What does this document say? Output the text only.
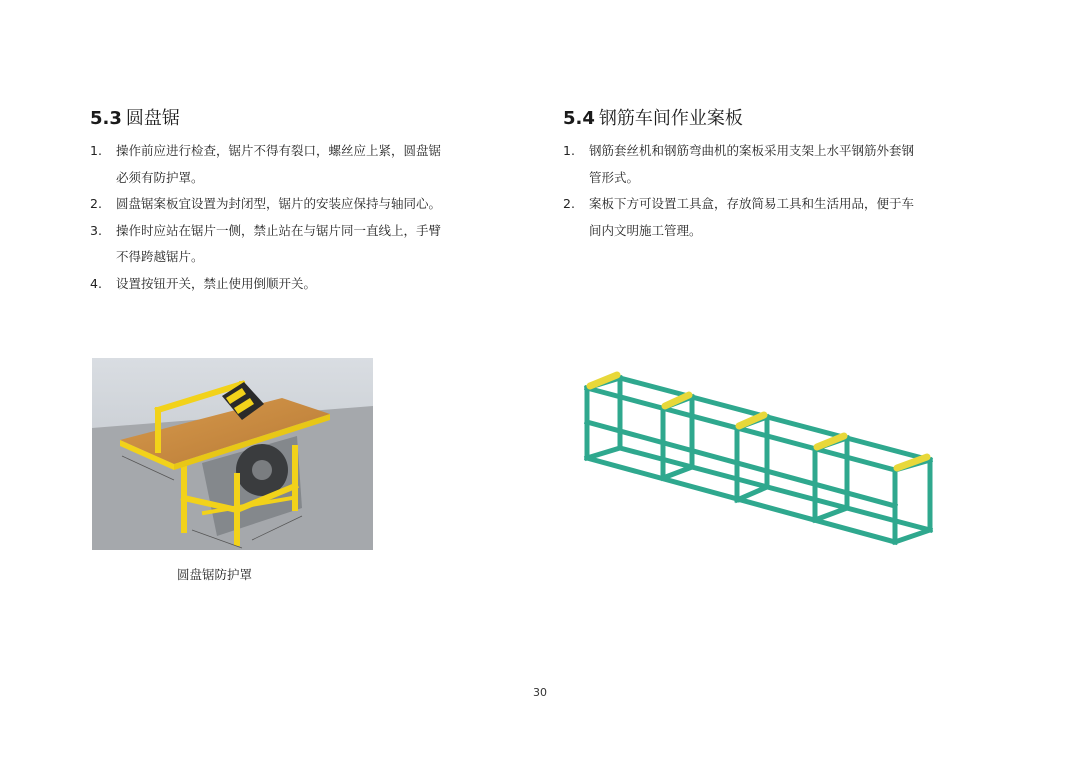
5.3 圆盘锯
1. 操作前应进行检查，锯片不得有裂口，螺丝应上紧，圆盘锯必须有防护罩。
2. 圆盘锯案板宜设置为封闭型，锯片的安装应保持与轴同心。
3. 操作时应站在锯片一侧，禁止站在与锯片同一直线上，手臂不得跨越锯片。
4. 设置按钮开关，禁止使用倒顺开关。
圆盘锯防护罩
5.4 钢筋车间作业案板
1. 钢筋套丝机和钢筋弯曲机的案板采用支架上水平钢筋外套钢管形式。
2. 案板下方可设置工具盒，存放简易工具和生活用品，便于车间内文明施工管理。
30
